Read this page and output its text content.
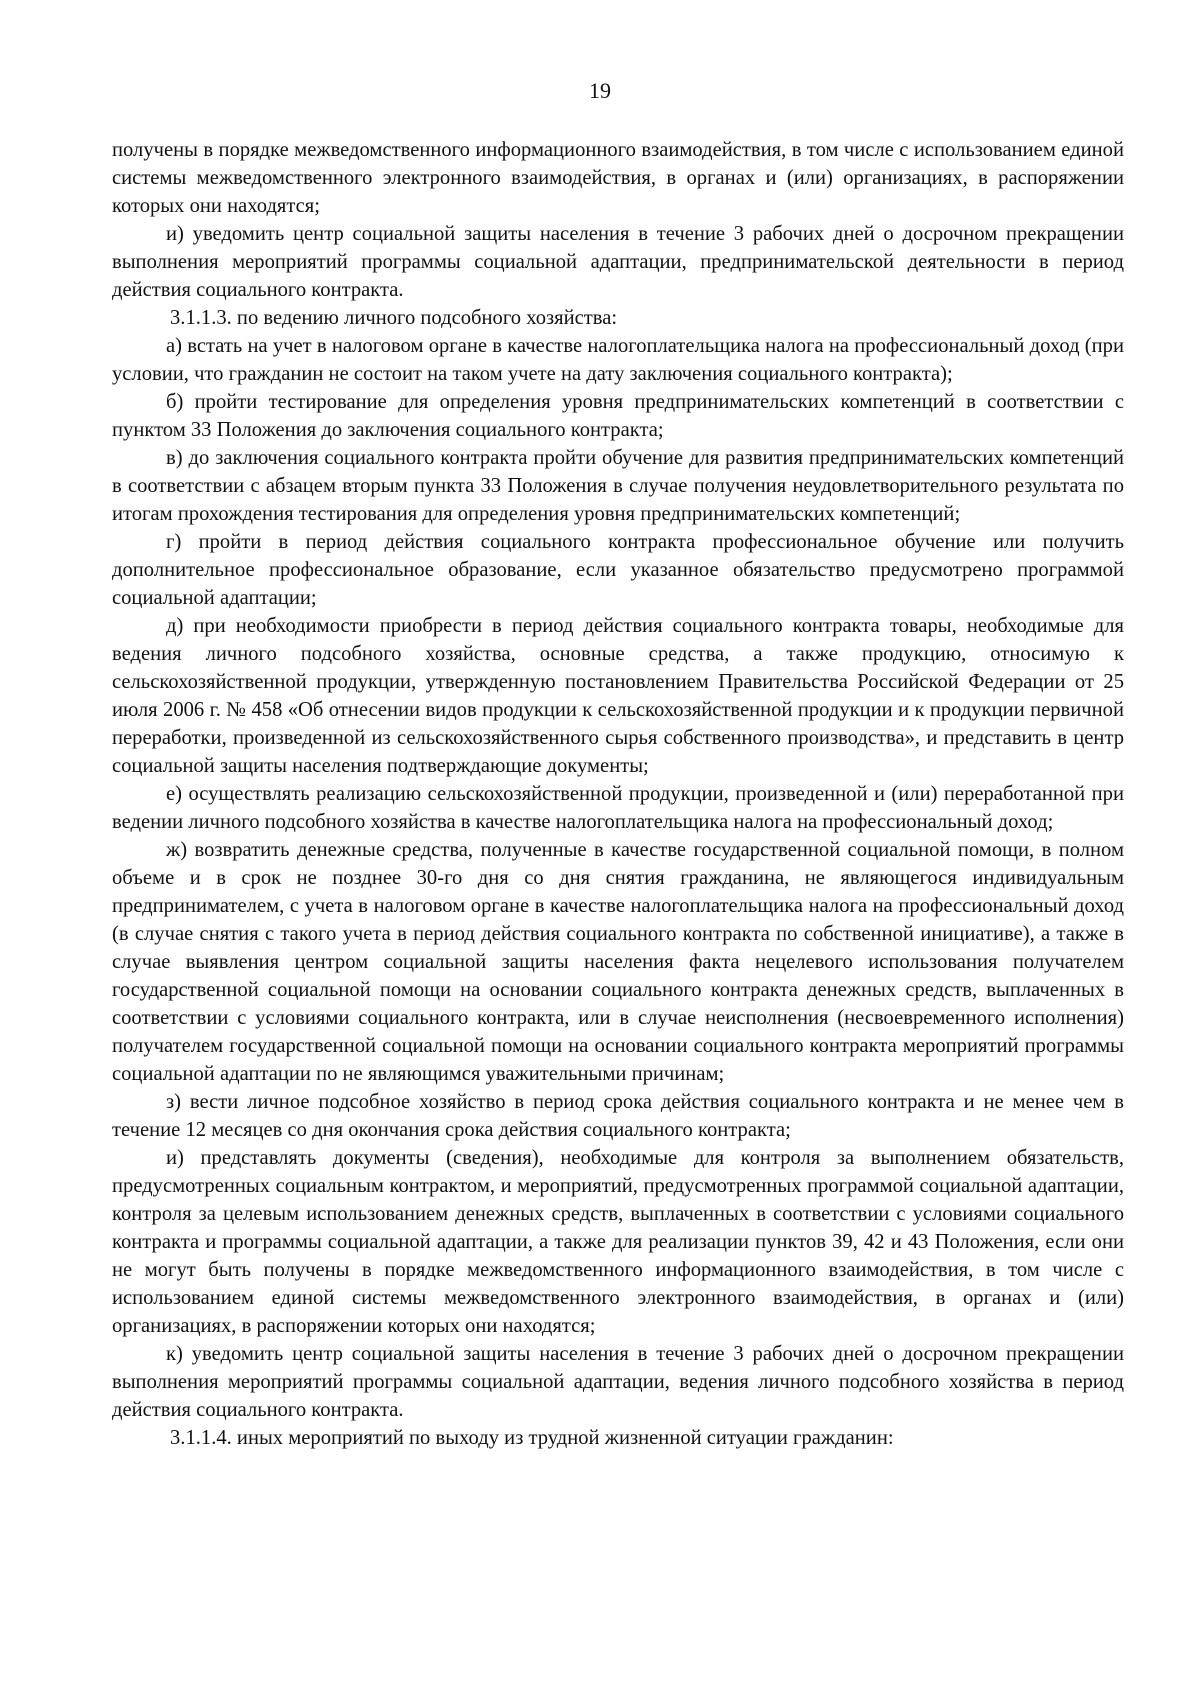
19

получены в порядке межведомственного информационного взаимодействия, в том числе с использованием единой системы межведомственного электронного взаимодействия, в органах и (или) организациях, в распоряжении которых они находятся;

и) уведомить центр социальной защиты населения в течение 3 рабочих дней о досрочном прекращении выполнения мероприятий программы социальной адаптации, предпринимательской деятельности в период действия социального контракта.

3.1.1.3. по ведению личного подсобного хозяйства:

а) встать на учет в налоговом органе в качестве налогоплательщика налога на профессиональный доход (при условии, что гражданин не состоит на таком учете на дату заключения социального контракта);

б) пройти тестирование для определения уровня предпринимательских компетенций в соответствии с пунктом 33 Положения до заключения социального контракта;

в) до заключения социального контракта пройти обучение для развития предпринимательских компетенций в соответствии с абзацем вторым пункта 33 Положения в случае получения неудовлетворительного результата по итогам прохождения тестирования для определения уровня предпринимательских компетенций;

г) пройти в период действия социального контракта профессиональное обучение или получить дополнительное профессиональное образование, если указанное обязательство предусмотрено программой социальной адаптации;

д) при необходимости приобрести в период действия социального контракта товары, необходимые для ведения личного подсобного хозяйства, основные средства, а также продукцию, относимую к сельскохозяйственной продукции, утвержденную постановлением Правительства Российской Федерации от 25 июля 2006 г. № 458 «Об отнесении видов продукции к сельскохозяйственной продукции и к продукции первичной переработки, произведенной из сельскохозяйственного сырья собственного производства», и представить в центр социальной защиты населения подтверждающие документы;

е) осуществлять реализацию сельскохозяйственной продукции, произведенной и (или) переработанной при ведении личного подсобного хозяйства в качестве налогоплательщика налога на профессиональный доход;

ж) возвратить денежные средства, полученные в качестве государственной социальной помощи, в полном объеме и в срок не позднее 30-го дня со дня снятия гражданина, не являющегося индивидуальным предпринимателем, с учета в налоговом органе в качестве налогоплательщика налога на профессиональный доход (в случае снятия с такого учета в период действия социального контракта по собственной инициативе), а также в случае выявления центром социальной защиты населения факта нецелевого использования получателем государственной социальной помощи на основании социального контракта денежных средств, выплаченных в соответствии с условиями социального контракта, или в случае неисполнения (несвоевременного исполнения) получателем государственной социальной помощи на основании социального контракта мероприятий программы социальной адаптации по не являющимся уважительными причинам;

з) вести личное подсобное хозяйство в период срока действия социального контракта и не менее чем в течение 12 месяцев со дня окончания срока действия социального контракта;

и) представлять документы (сведения), необходимые для контроля за выполнением обязательств, предусмотренных социальным контрактом, и мероприятий, предусмотренных программой социальной адаптации, контроля за целевым использованием денежных средств, выплаченных в соответствии с условиями социального контракта и программы социальной адаптации, а также для реализации пунктов 39, 42 и 43 Положения, если они не могут быть получены в порядке межведомственного информационного взаимодействия, в том числе с использованием единой системы межведомственного электронного взаимодействия, в органах и (или) организациях, в распоряжении которых они находятся;

к) уведомить центр социальной защиты населения в течение 3 рабочих дней о досрочном прекращении выполнения мероприятий программы социальной адаптации, ведения личного подсобного хозяйства в период действия социального контракта.

3.1.1.4. иных мероприятий по выходу из трудной жизненной ситуации гражданин:
